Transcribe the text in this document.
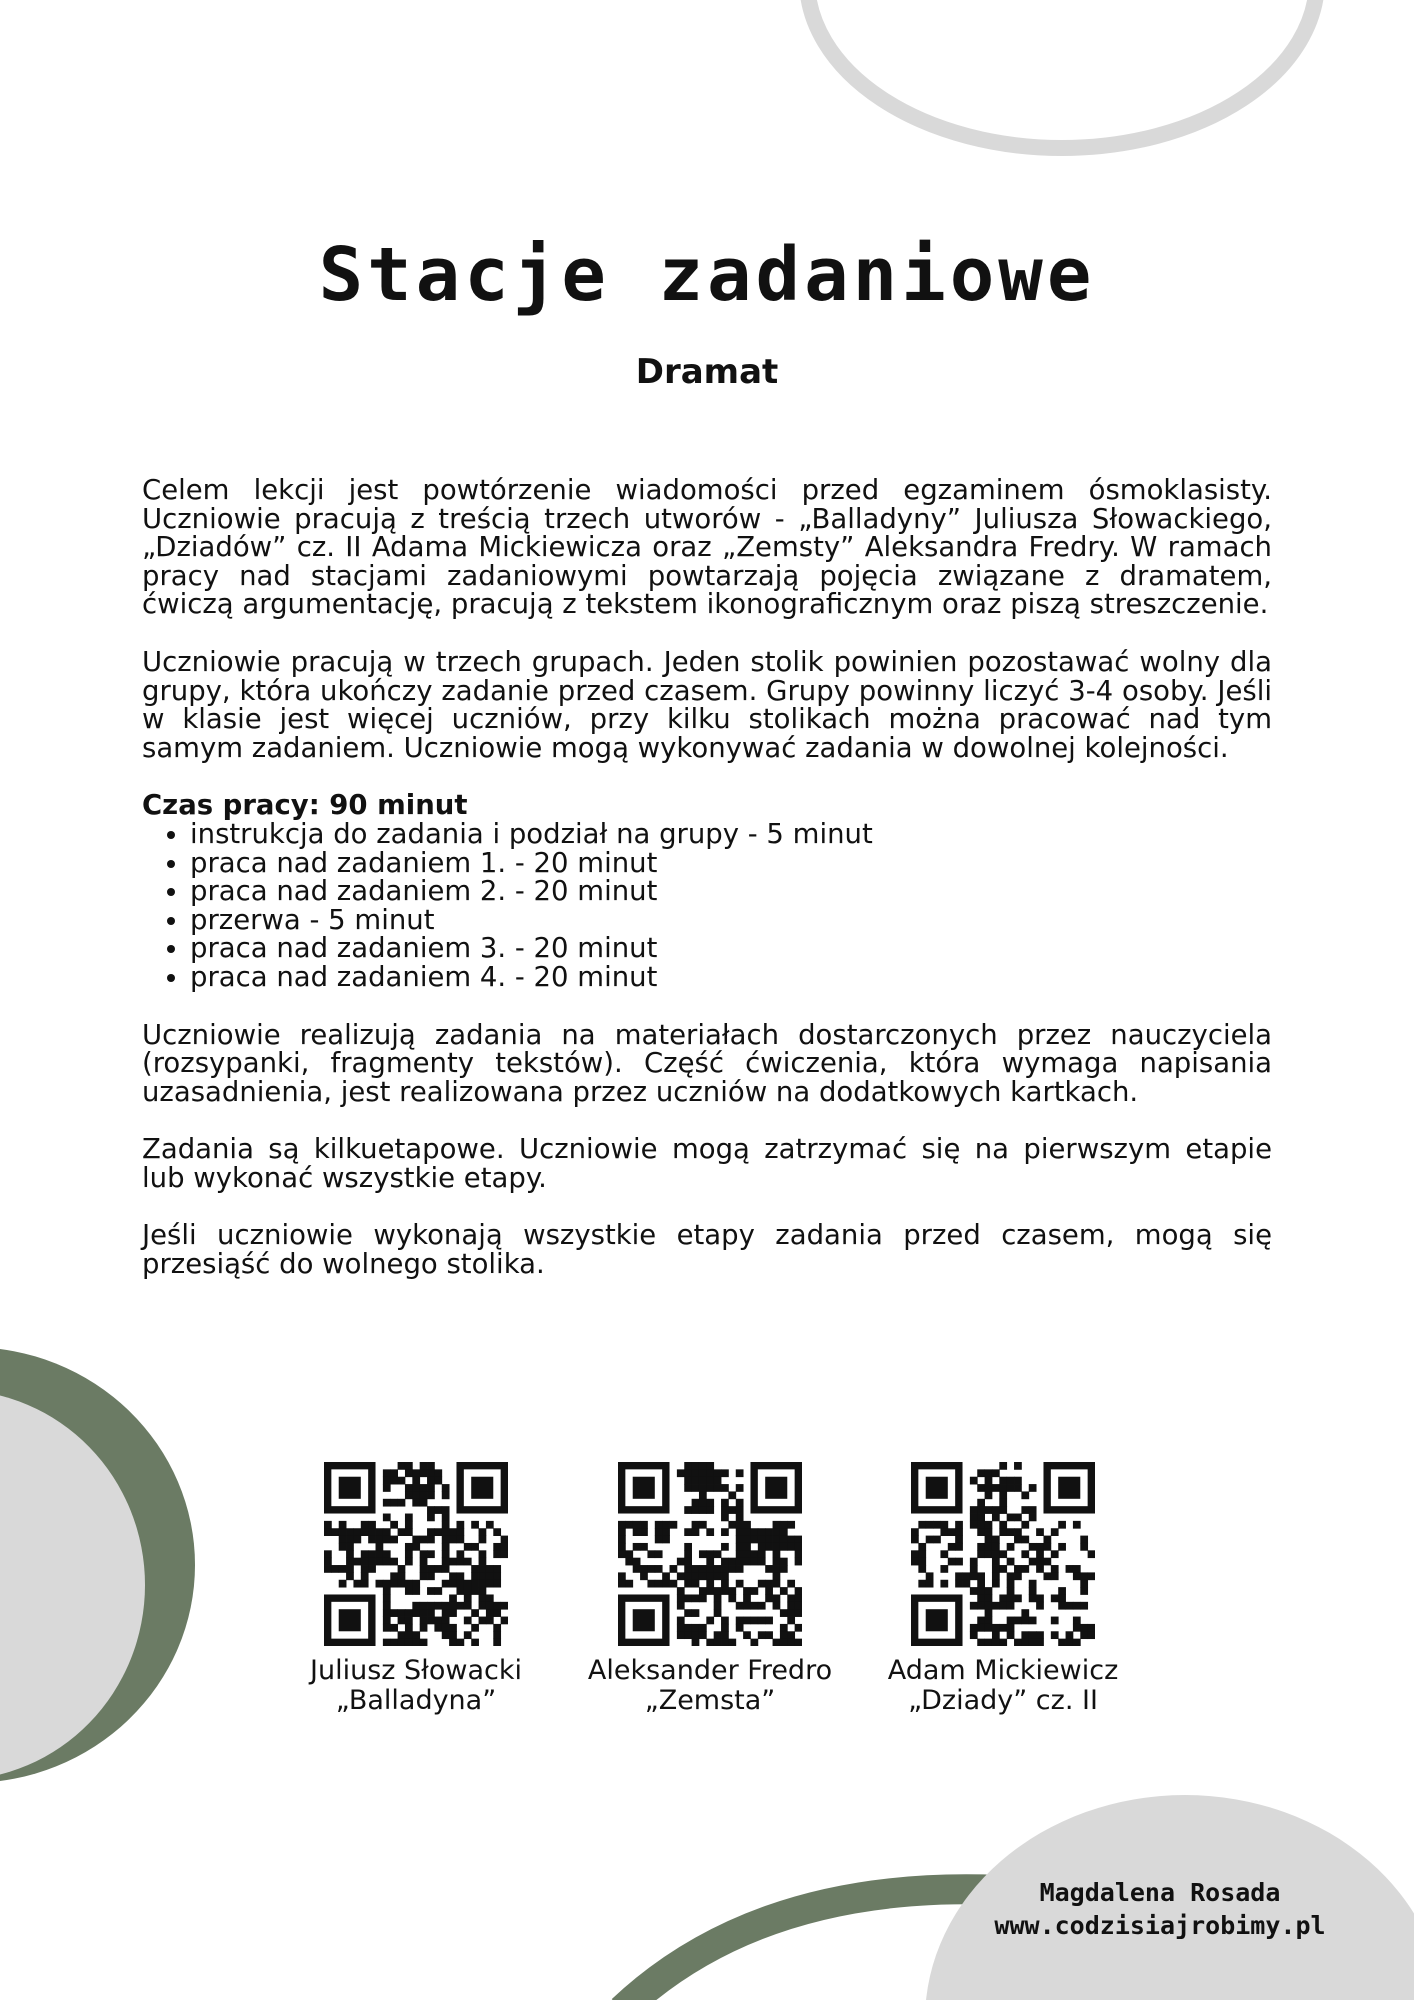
Stacje zadaniowe
Dramat

Celem lekcji jest powtórzenie wiadomości przed egzaminem ósmoklasisty. Uczniowie pracują z treścią trzech utworów - „Balladyny” Juliusza Słowackiego, „Dziadów” cz. II Adama Mickiewicza oraz „Zemsty” Aleksandra Fredry. W ramach pracy nad stacjami zadaniowymi powtarzają pojęcia związane z dramatem, ćwiczą argumentację, pracują z tekstem ikonograficznym oraz piszą streszczenie.

Uczniowie pracują w trzech grupach. Jeden stolik powinien pozostawać wolny dla grupy, która ukończy zadanie przed czasem. Grupy powinny liczyć 3-4 osoby. Jeśli w klasie jest więcej uczniów, przy kilku stolikach można pracować nad tym samym zadaniem. Uczniowie mogą wykonywać zadania w dowolnej kolejności.

Czas pracy: 90 minut
• instrukcja do zadania i podział na grupy - 5 minut
• praca nad zadaniem 1. - 20 minut
• praca nad zadaniem 2. - 20 minut
• przerwa - 5 minut
• praca nad zadaniem 3. - 20 minut
• praca nad zadaniem 4. - 20 minut

Uczniowie realizują zadania na materiałach dostarczonych przez nauczyciela (rozsypanki, fragmenty tekstów). Część ćwiczenia, która wymaga napisania uzasadnienia, jest realizowana przez uczniów na dodatkowych kartkach.

Zadania są kilkuetapowe. Uczniowie mogą zatrzymać się na pierwszym etapie lub wykonać wszystkie etapy.

Jeśli uczniowie wykonają wszystkie etapy zadania przed czasem, mogą się przesiąść do wolnego stolika.

Juliusz Słowacki
„Balladyna”
Aleksander Fredro
„Zemsta”
Adam Mickiewicz
„Dziady” cz. II
Magdalena Rosada
www.codzisiajrobimy.pl
